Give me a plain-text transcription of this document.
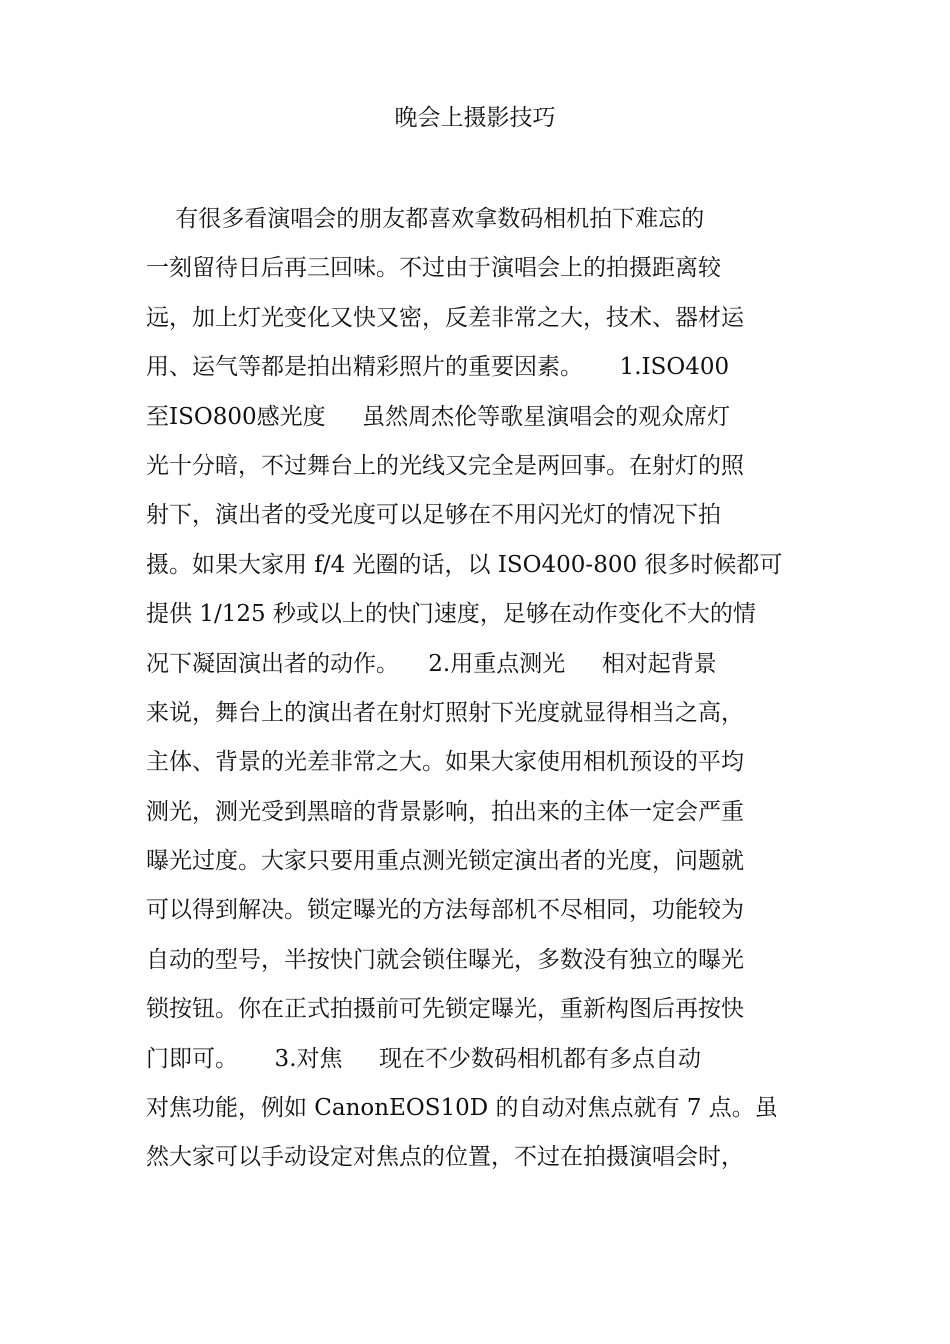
晚会上摄影技巧
有很多看演唱会的朋友都喜欢拿数码相机拍下难忘的
一刻留待日后再三回味。不过由于演唱会上的拍摄距离较
远，加上灯光变化又快又密，反差非常之大，技术、器材运
用、运气等都是拍出精彩照片的重要因素。     1.ISO400
至ISO800感光度     虽然周杰伦等歌星演唱会的观众席灯
光十分暗，不过舞台上的光线又完全是两回事。在射灯的照
射下，演出者的受光度可以足够在不用闪光灯的情况下拍
摄。如果大家用 f/4 光圈的话，以 ISO400-800 很多时候都可
提供 1/125 秒或以上的快门速度，足够在动作变化不大的情
况下凝固演出者的动作。    2.用重点测光     相对起背景
来说，舞台上的演出者在射灯照射下光度就显得相当之高，
主体、背景的光差非常之大。如果大家使用相机预设的平均
测光，测光受到黑暗的背景影响，拍出来的主体一定会严重
曝光过度。大家只要用重点测光锁定演出者的光度，问题就
可以得到解决。锁定曝光的方法每部机不尽相同，功能较为
自动的型号，半按快门就会锁住曝光，多数没有独立的曝光
锁按钮。你在正式拍摄前可先锁定曝光，重新构图后再按快
门即可。     3.对焦     现在不少数码相机都有多点自动
对焦功能，例如 CanonEOS10D 的自动对焦点就有 7 点。虽
然大家可以手动设定对焦点的位置，不过在拍摄演唱会时，
